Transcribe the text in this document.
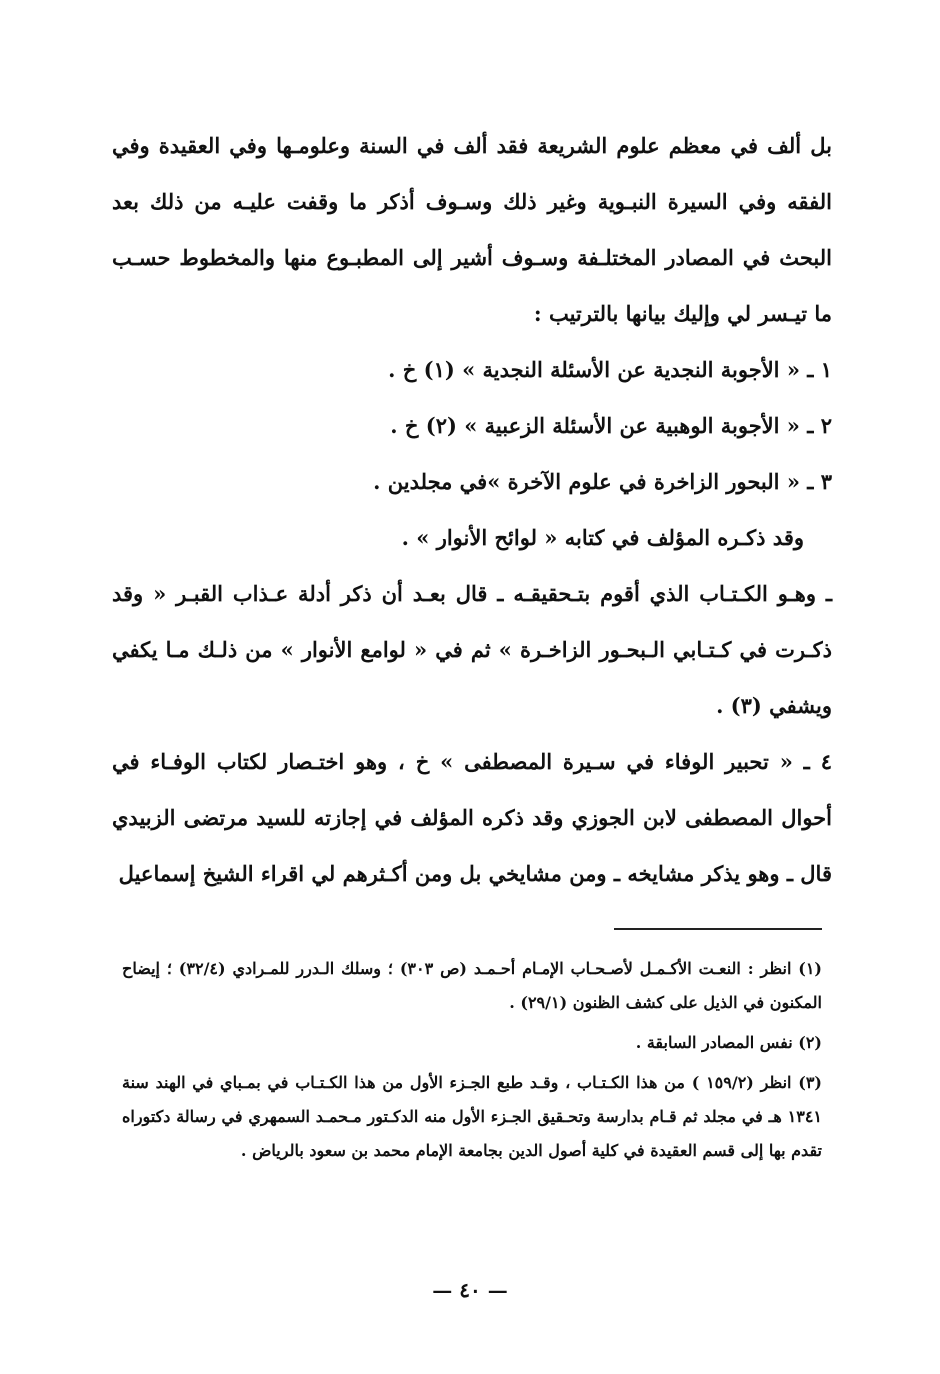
بل ألف في معظم علوم الشريعة فقد ألف في السنة وعلومـها وفي العقيدة وفي الفقه وفي السيرة النبـوية وغير ذلك وسـوف أذكر ما وقفت عليـه من ذلك بعد البحث في المصادر المختلـفة وسـوف أشير إلى المطبـوع منها والمخطوط حسـب ما تيـسر لي وإليك بيانها بالترتيب :

١ ـ « الأجوبة النجدية عن الأسئلة النجدية » (١) خ .

٢ ـ « الأجوبة الوهبية عن الأسئلة الزعبية » (٢) خ .

٣ ـ « البحور الزاخرة في علوم الآخرة »في مجلدين .

وقد ذكـره المؤلف في كتابه « لوائح الأنوار » .

ـ وهـو الكـتـاب الذي أقوم بتـحقيقـه ـ قال بعـد أن ذكر أدلة عـذاب القبـر « وقد ذكـرت في كـتـابي الـبحـور الزاخـرة » ثم في « لوامع الأنوار » من ذلـك مـا يكفي ويشفي (٣) .

٤ ـ « تحبير الوفاء في سـيرة المصطفى » خ ، وهو اختـصار لكتاب الوفـاء في أحوال المصطفى لابن الجوزي وقد ذكره المؤلف في إجازته للسيد مرتضى الزبيدي قال ـ وهو يذكر مشايخه ـ ومن مشايخي بل ومن أكـثرهم لي اقراء الشيخ إسماعيل

(١) انظر : النعـت الأكـمـل لأصـحـاب الإمـام أحـمـد (ص ٣٠٣) ؛ وسلك الـدرر للمـرادي (٣٢/٤) ؛ إيضاح المكنون في الذيل على كشف الظنون (٢٩/١) .

(٢) نفس المصادر السابقة .

(٣) انظر (١٥٩/٢ ) من هذا الكـتـاب ، وقـد طبع الجـزء الأول من هذا الكـتـاب في بمـباي في الهند سنة ١٣٤١ هـ في مجلد ثم قـام بدارسة وتحـقيق الجـزء الأول منه الدكـتور مـحمـد السمهري في رسالة دكتوراه تقدم بها إلى قسم العقيدة في كلية أصول الدين بجامعة الإمام محمد بن سعود بالرياض .

— ٤٠ —
